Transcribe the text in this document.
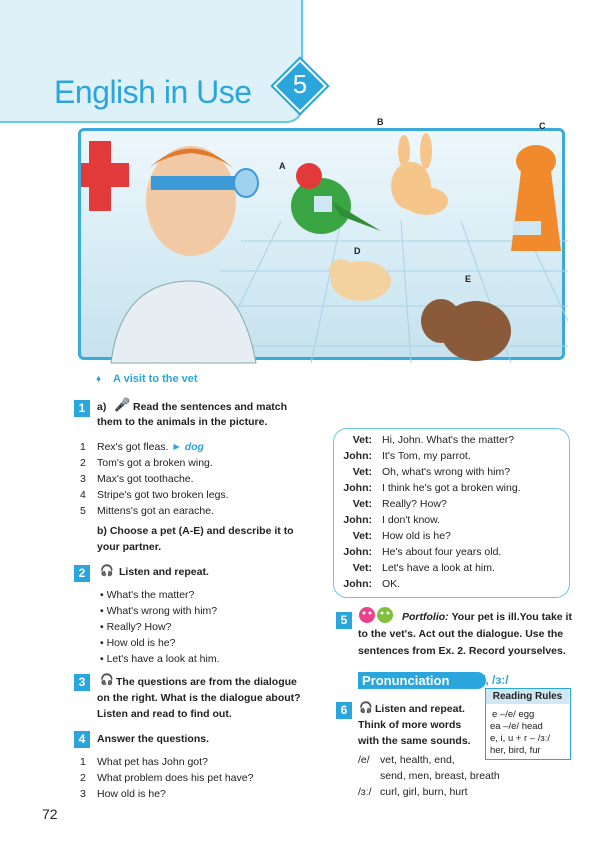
English in Use	5
A
B	C
D
E
♦ A visit to the vet
1	a) 🎤 Read the sentences and match
them to the animals in the picture.
1 Rex's got fleas. ► dog
2 Tom's got a broken wing.
3 Max's got toothache.
4 Stripe's got two broken legs.
5 Mittens's got an earache.
b) Choose a pet (A-E) and describe it to
your partner.
2	🎧 Listen and repeat.
• What's the matter?
• What's wrong with him?
• Really? How?
• How old is he?
• Let's have a look at him.
3	🎧 The questions are from the dialogue
on the right. What is the dialogue about?
Listen and read to find out.
4	Answer the questions.
1 What pet has John got?
2 What problem does his pet have?
3 How old is he?
Vet: Hi, John. What's the matter?
John: It's Tom, my parrot.
Vet: Oh, what's wrong with him?
John: I think he's got a broken wing.
Vet: Really? How?
John: I don't know.
Vet: How old is he?
John: He's about four years old.
Vet: Let's have a look at him.
John: OK.
5	Portfolio: Your pet is ill.You take it
to the vet's. Act out the dialogue. Use the
sentences from Ex. 2. Record yourselves.
Pronunciation	/e/, /ɜː/
6	🎧 Listen and repeat.
Think of more words
with the same sounds.
/e/ vet, health, end,
send, men, breast, breath
/ɜː/ curl, girl, burn, hurt
Reading Rules
e –/e/ egg
ea –/e/ head
e, i, u + r – /ɜː/
her, bird, fur
72
